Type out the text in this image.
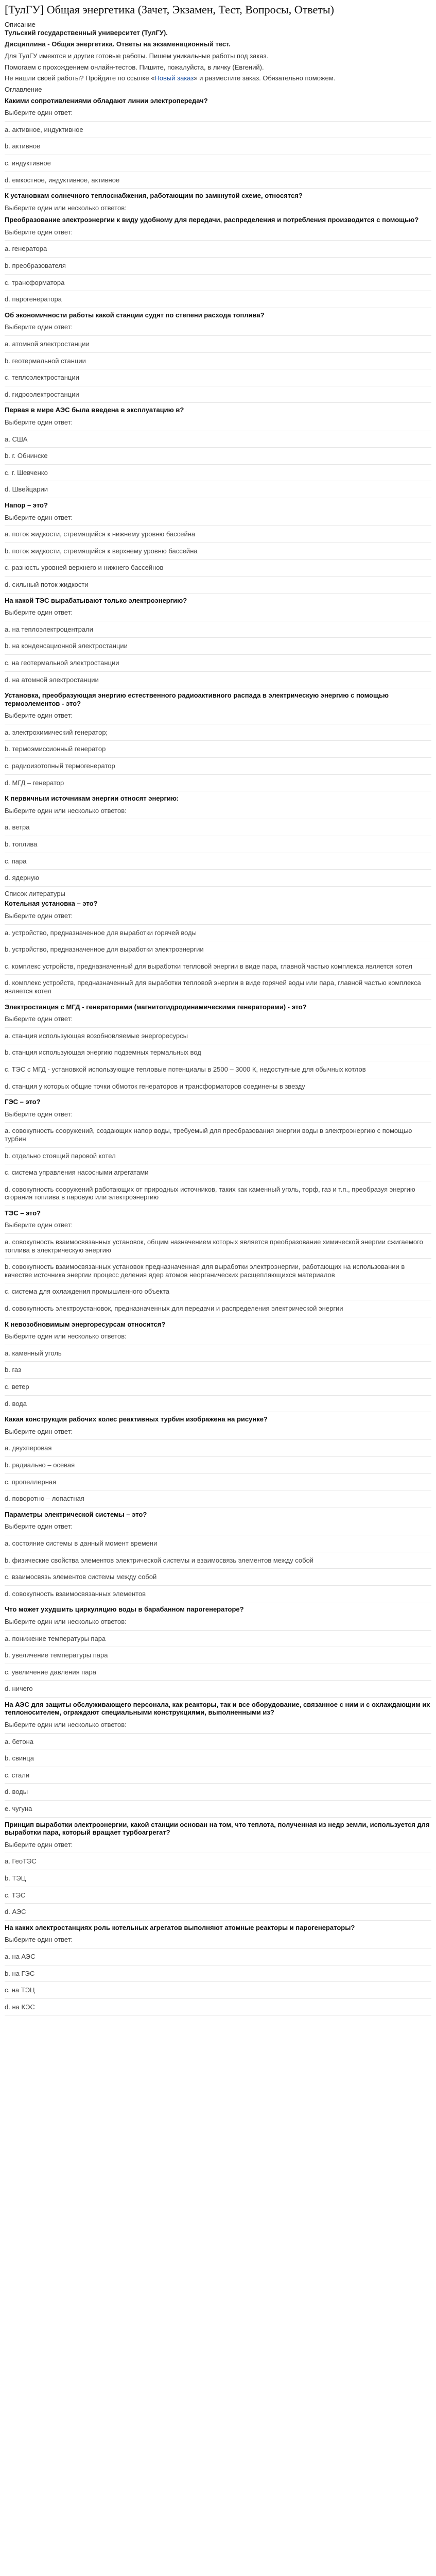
[ТулГУ] Общая энергетика (Зачет, Экзамен, Тест, Вопросы, Ответы)

Описание

Тульский государственный университет (ТулГУ).

Дисциплина - Общая энергетика. Ответы на экзаменационный тест.

Для ТулГУ имеются и другие готовые работы. Пишем уникальные работы под заказ.

Помогаем с прохождением онлайн-тестов. Пишите, пожалуйста, в личку (Евгений).

Не нашли своей работы? Пройдите по ссылке «Новый заказ» и разместите заказ. Обязательно поможем.

Оглавление

Какими сопротивлениями обладают линии электропередач?

Выберите один ответ:

a. активное, индуктивное
b. активное
c. индуктивное
d. емкостное, индуктивное, активное

К установкам солнечного теплоснабжения, работающим по замкнутой схеме, относятся?

Выберите один или несколько ответов:

Преобразование электроэнергии к виду удобному для передачи, распределения и потребления производится с помощью?

Выберите один ответ:

a. генератора
b. преобразователя
c. трансформатора
d. парогенератора

Об экономичности работы какой станции судят по степени расхода топлива?

Выберите один ответ:

a. атомной электростанции
b. геотермальной станции
c. теплоэлектростанции
d. гидроэлектростанции

Первая в мире АЭС была введена в эксплуатацию в?

Выберите один ответ:

a. США
b. г. Обнинске
c. г. Шевченко
d. Швейцарии

Напор – это?

Выберите один ответ:

a. поток жидкости, стремящийся к нижнему уровню бассейна
b. поток жидкости, стремящийся к верхнему уровню бассейна
c. разность уровней верхнего и нижнего бассейнов
d. сильный поток жидкости

На какой ТЭС вырабатывают только электроэнергию?

Выберите один ответ:

a. на теплоэлектроцентрали
b. на конденсационной электростанции
c. на геотермальной электростанции
d. на атомной электростанции

Установка, преобразующая энергию естественного радиоактивного распада в электрическую энергию с помощью термоэлементов - это?

Выберите один ответ:

a. электрохимический генератор;
b. термоэмиссионный генератор
c. радиоизотопный термогенератор
d. МГД – генератор

К первичным источникам энергии относят энергию:

Выберите один или несколько ответов:

a. ветра
b. топлива
c. пара
d. ядерную

Список литературы

Котельная установка – это?

Выберите один ответ:

a. устройство, предназначенное для выработки горячей воды
b. устройство, предназначенное для выработки электроэнергии
c. комплекс устройств, предназначенный для выработки тепловой энергии в виде пара, главной частью комплекса является котел
d. комплекс устройств, предназначенный для выработки тепловой энергии в виде горячей воды или пара, главной частью комплекса является котел

Электростанция с МГД - генераторами (магнитогидродинамическими генераторами) - это?

Выберите один ответ:

a. станция использующая возобновляемые энергоресурсы
b. станция использующая энергию подземных термальных вод
c. ТЭС с МГД - установкой использующие тепловые потенциалы в 2500 – 3000 К, недоступные для обычных котлов
d. станция у которых общие точки обмоток генераторов и трансформаторов соединены в звезду

ГЭС – это?

Выберите один ответ:

a. совокупность сооружений, создающих напор воды, требуемый для преобразования энергии воды в электроэнергию с помощью турбин
b. отдельно стоящий паровой котел
c. система управления насосными агрегатами
d. совокупность сооружений работающих от природных источников, таких как каменный уголь, торф, газ и т.п., преобразуя энергию сгорания топлива в паровую или электроэнергию

ТЭС – это?

Выберите один ответ:

a. совокупность взаимосвязанных установок, общим назначением которых является преобразование химической энергии сжигаемого топлива в электрическую энергию
b. совокупность взаимосвязанных установок предназначенная для выработки электроэнергии, работающих на использовании в качестве источника энергии процесс деления ядер атомов неорганических расщепляющихся материалов
c. система для охлаждения промышленного объекта
d. совокупность электроустановок, предназначенных для передачи и распределения электрической энергии

К невозобновимым энергоресурсам относится?

Выберите один или несколько ответов:

a. каменный уголь
b. газ
c. ветер
d. вода

Какая конструкция рабочих колес реактивных турбин изображена на рисунке?

Выберите один ответ:

a. двухперовая
b. радиально – осевая
c. пропеллерная
d. поворотно – лопастная

Параметры электрической системы – это?

Выберите один ответ:

a. состояние системы в данный момент времени
b. физические свойства элементов электрической системы и взаимосвязь элементов между собой
c. взаимосвязь элементов системы между собой
d. совокупность взаимосвязанных элементов

Что может ухудшить циркуляцию воды в барабанном парогенераторе?

Выберите один или несколько ответов:

a. понижение температуры пара
b. увеличение температуры пара
c. увеличение давления пара
d. ничего

На АЭС для защиты обслуживающего персонала, как реакторы, так и все оборудование, связанное с ним и с охлаждающим их теплоносителем, ограждают специальными конструкциями, выполненными из?

Выберите один или несколько ответов:

a. бетона
b. свинца
c. стали
d. воды
e. чугуна

Принцип выработки электроэнергии, какой станции основан на том, что теплота, полученная из недр земли, используется для выработки пара, который вращает турбоагрегат?

Выберите один ответ:

a. ГеоТЭС
b. ТЭЦ
c. ТЭС
d. АЭС

На каких электростанциях роль котельных агрегатов выполняют атомные реакторы и парогенераторы?

Выберите один ответ:

a. на АЭС
b. на ГЭС
c. на ТЭЦ
d. на КЭС
